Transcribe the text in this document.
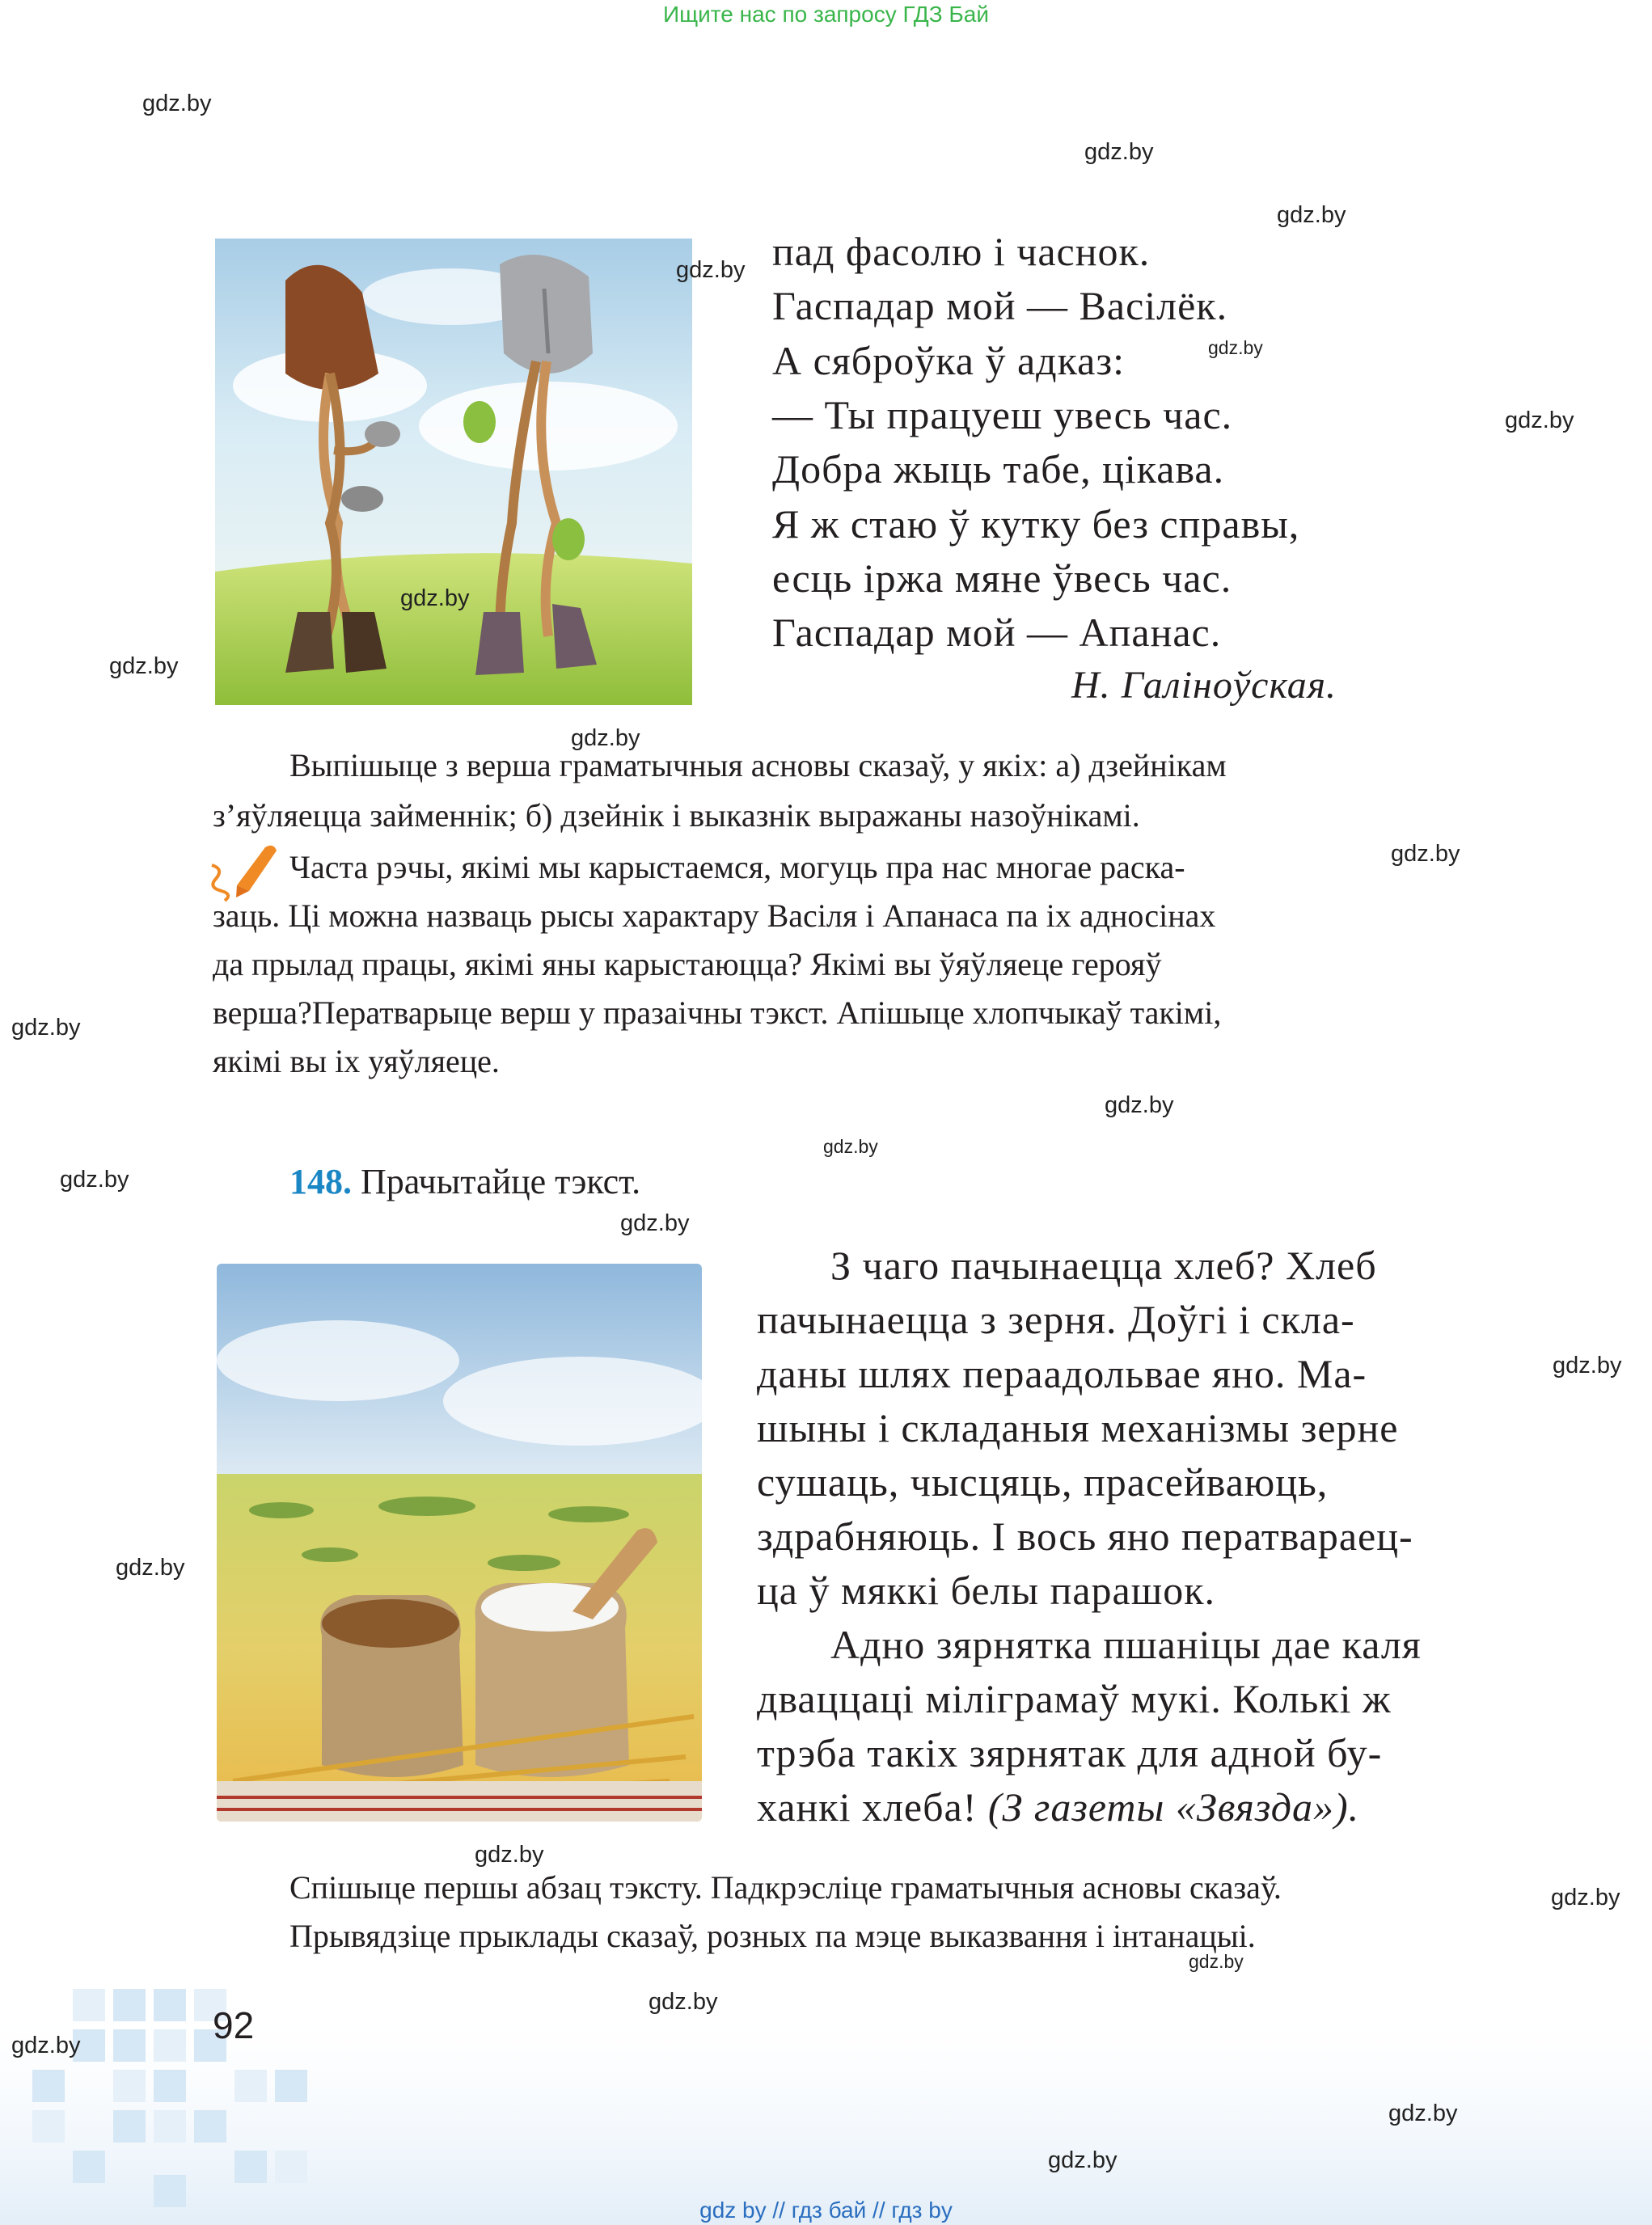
Ищите нас по запросу ГДЗ Бай
пад фасолю і часнок.
Гаспадар мой — Васілёк.
А сяброўка ў адказ:
— Ты працуеш увесь час.
Добра жыць табе, цікава.
Я ж стаю ў кутку без справы,
есць іржа мяне ўвесь час.
Гаспадар мой — Апанас.
Н. Галіноўская.
Выпішыце з верша граматычныя асновы сказаў, у якіх: а) дзейнікам
з’яўляецца займеннік; б) дзейнік і выказнік выражаны назоўнікамі.
Часта рэчы, якімі мы карыстаемся, могуць пра нас многае раска-
заць. Ці можна назваць рысы характару Васіля і Апанаса па іх адносінах
да прылад працы, якімі яны карыстаюцца? Якімі вы ўяўляеце герояў
верша?Ператварыце верш у празаічны тэкст. Апішыце хлопчыкаў такімі,
якімі вы іх уяўляеце.
148. Прачытайце тэкст.
З чаго пачынаецца хлеб? Хлеб
пачынаецца з зерня. Доўгі і скла-
даны шлях пераадольвае яно. Ма-
шыны і складаныя механізмы зерне
сушаць, чысцяць, прасейваюць,
здрабняюць. І вось яно ператвараец-
ца ў мяккі белы парашок.
Адно зярнятка пшаніцы дае каля
дваццаці міліграмаў мукі. Колькі ж
трэба такіх зярнятак для адной бу-
ханкі хлеба! (З газеты «Звязда»).
Спішыце першы абзац тэксту. Падкрэсліце граматычныя асновы сказаў.
Прывядзіце прыклады сказаў, розных па мэце выказвання і інтанацыі.
92
gdz.by
gdz.by
gdz.by
gdz.by
gdz.by
gdz.by
gdz.by
gdz.by
gdz.by
gdz.by
gdz.by
gdz.by
gdz.by
gdz.by
gdz.by
gdz.by
gdz.by
gdz.by
gdz.by
gdz.by
gdz.by
gdz.by
gdz.by
gdz.by
gdz by // гдз бай // гдз by
